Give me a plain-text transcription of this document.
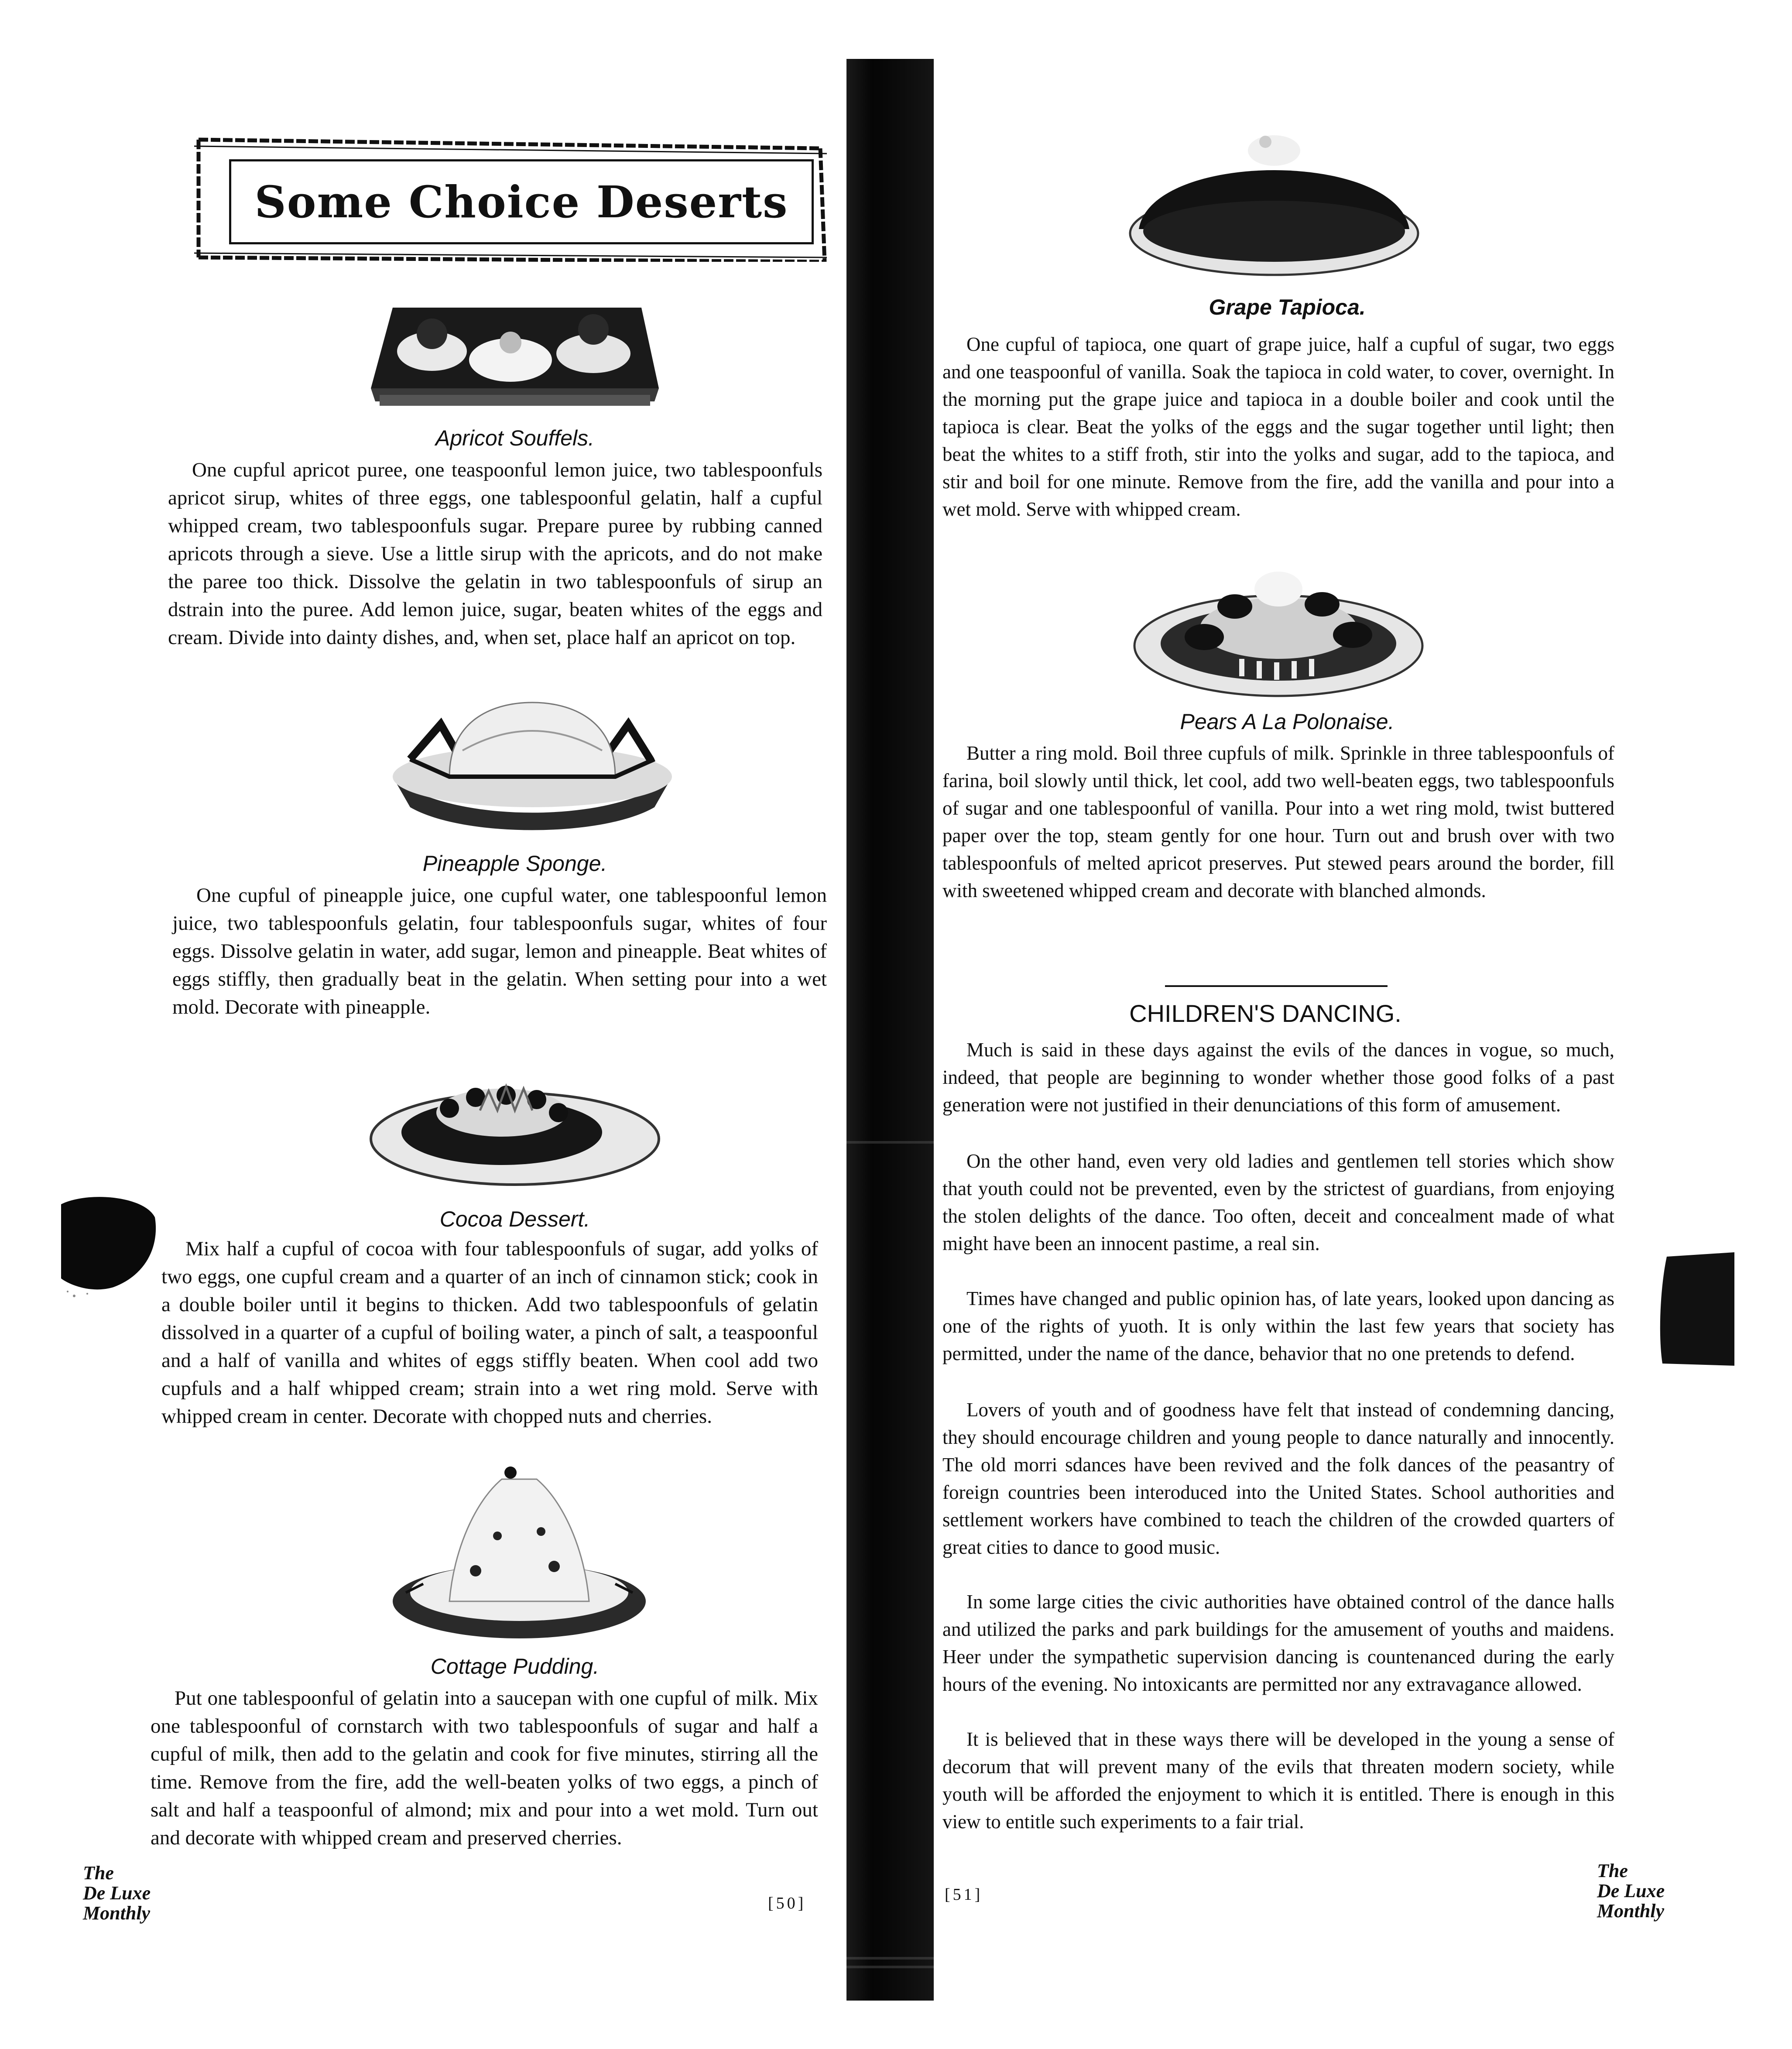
Some Choice Deserts
Apricot Souffels.

One cupful apricot puree, one teaspoonful lemon juice, two tablespoonfuls apricot sirup, whites of three eggs, one tablespoonful gelatin, half a cupful whipped cream, two tablespoonfuls sugar. Prepare puree by rubbing canned apricots through a sieve. Use a little sirup with the apricots, and do not make the paree too thick. Dissolve the gelatin in two tablespoonfuls of sirup an dstrain into the puree. Add lemon juice, sugar, beaten whites of the eggs and cream. Divide into dainty dishes, and, when set, place half an apricot on top.

Pineapple Sponge.

One cupful of pineapple juice, one cupful water, one tablespoonful lemon juice, two tablespoonfuls gelatin, four tablespoonfuls sugar, whites of four eggs. Dissolve gelatin in water, add sugar, lemon and pineapple. Beat whites of eggs stiffly, then gradually beat in the gelatin. When setting pour into a wet mold. Decorate with pineapple.

Cocoa Dessert.

Mix half a cupful of cocoa with four tablespoonfuls of sugar, add yolks of two eggs, one cupful cream and a quarter of an inch of cinnamon stick; cook in a double boiler until it begins to thicken. Add two tablespoonfuls of gelatin dissolved in a quarter of a cupful of boiling water, a pinch of salt, a teaspoonful and a half of vanilla and whites of eggs stiffly beaten. When cool add two cupfuls and a half whipped cream; strain into a wet ring mold. Serve with whipped cream in center. Decorate with chopped nuts and cherries.

Cottage Pudding.

Put one tablespoonful of gelatin into a saucepan with one cupful of milk. Mix one tablespoonful of cornstarch with two tablespoonfuls of sugar and half a cupful of milk, then add to the gelatin and cook for five minutes, stirring all the time. Remove from the fire, add the well-beaten yolks of two eggs, a pinch of salt and half a teaspoonful of almond; mix and pour into a wet mold. Turn out and decorate with whipped cream and preserved cherries.

The
De Luxe
Monthly	[50]
Grape Tapioca.

One cupful of tapioca, one quart of grape juice, half a cupful of sugar, two eggs and one teaspoonful of vanilla. Soak the tapioca in cold water, to cover, overnight. In the morning put the grape juice and tapioca in a double boiler and cook until the tapioca is clear. Beat the yolks of the eggs and the sugar together until light; then beat the whites to a stiff froth, stir into the yolks and sugar, add to the tapioca, and stir and boil for one minute. Remove from the fire, add the vanilla and pour into a wet mold. Serve with whipped cream.

Pears A La Polonaise.

Butter a ring mold. Boil three cupfuls of milk. Sprinkle in three tablespoonfuls of farina, boil slowly until thick, let cool, add two well-beaten eggs, two tablespoonfuls of sugar and one tablespoonful of vanilla. Pour into a wet ring mold, twist buttered paper over the top, steam gently for one hour. Turn out and brush over with two tablespoonfuls of melted apricot preserves. Put stewed pears around the border, fill with sweetened whipped cream and decorate with blanched almonds.

CHILDREN'S DANCING.

Much is said in these days against the evils of the dances in vogue, so much, indeed, that people are beginning to wonder whether those good folks of a past generation were not justified in their denunciations of this form of amusement.

On the other hand, even very old ladies and gentlemen tell stories which show that youth could not be prevented, even by the strictest of guardians, from enjoying the stolen delights of the dance. Too often, deceit and concealment made of what might have been an innocent pastime, a real sin.

Times have changed and public opinion has, of late years, looked upon dancing as one of the rights of yuoth. It is only within the last few years that society has permitted, under the name of the dance, behavior that no one pretends to defend.

Lovers of youth and of goodness have felt that instead of condemning dancing, they should encourage children and young people to dance naturally and innocently. The old morri sdances have been revived and the folk dances of the peasantry of foreign countries been interoduced into the United States. School authorities and settlement workers have combined to teach the children of the crowded quarters of great cities to dance to good music.

In some large cities the civic authorities have obtained control of the dance halls and utilized the parks and park buildings for the amusement of youths and maidens. Heer under the sympathetic supervision dancing is countenanced during the early hours of the evening. No intoxicants are permitted nor any extravagance allowed.

It is believed that in these ways there will be developed in the young a sense of decorum that will prevent many of the evils that threaten modern society, while youth will be afforded the enjoyment to which it is entitled. There is enough in this view to entitle such experiments to a fair trial.

[51]
The
De Luxe
Monthly
